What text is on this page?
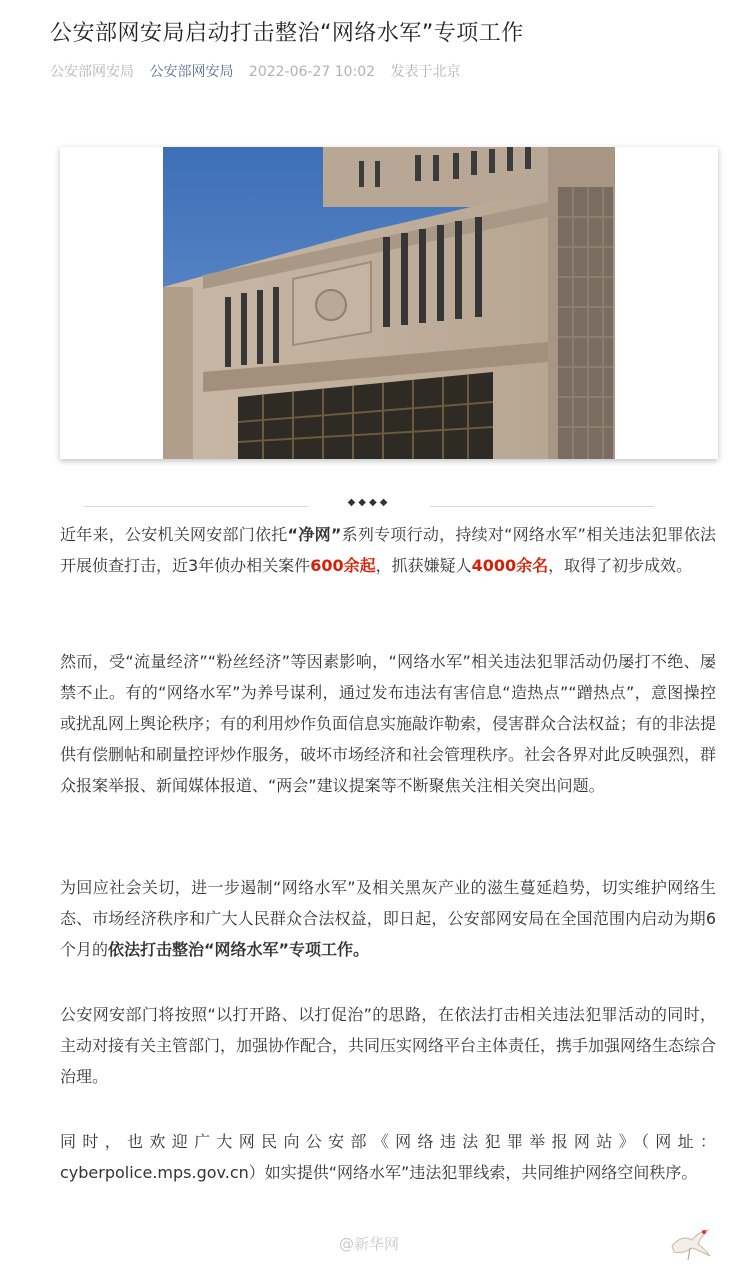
公安部网安局启动打击整治“网络水军”专项工作
公安部网安局 公安部网安局 2022-06-27 10:02 发表于北京
◆◆◆◆

近年来，公安机关网安部门依托“净网”系列专项行动，持续对“网络水军”相关违法犯罪依法开展侦查打击，近3年侦办相关案件600余起，抓获嫌疑人4000余名，取得了初步成效。

然而，受“流量经济”“粉丝经济”等因素影响，“网络水军”相关违法犯罪活动仍屡打不绝、屡禁不止。有的“网络水军”为养号谋利，通过发布违法有害信息“造热点”“蹭热点”，意图操控或扰乱网上舆论秩序；有的利用炒作负面信息实施敲诈勒索，侵害群众合法权益；有的非法提供有偿删帖和刷量控评炒作服务，破坏市场经济和社会管理秩序。社会各界对此反映强烈，群众报案举报、新闻媒体报道、“两会”建议提案等不断聚焦关注相关突出问题。

为回应社会关切，进一步遏制“网络水军”及相关黑灰产业的滋生蔓延趋势，切实维护网络生态、市场经济秩序和广大人民群众合法权益，即日起，公安部网安局在全国范围内启动为期6个月的依法打击整治“网络水军”专项工作。

公安网安部门将按照“以打开路、以打促治”的思路，在依法打击相关违法犯罪活动的同时，主动对接有关主管部门，加强协作配合，共同压实网络平台主体责任，携手加强网络生态综合治理。

同时，也欢迎广大网民向公安部《网络违法犯罪举报网站》（网址：cyberpolice.mps.gov.cn）如实提供“网络水军”违法犯罪线索，共同维护网络空间秩序。

@新华网
